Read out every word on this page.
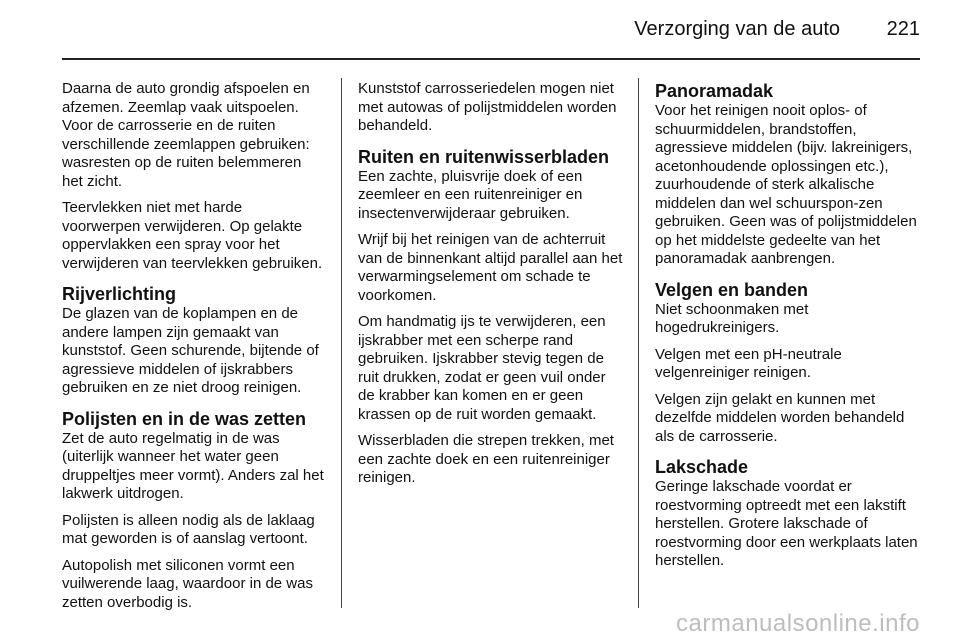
Verzorging van de auto 221

Daarna de auto grondig afspoelen en afzemen. Zeemlap vaak uitspoelen. Voor de carrosserie en de ruiten verschillende zeemlappen gebruiken: wasresten op de ruiten belemmeren het zicht.

Teervlekken niet met harde voorwerpen verwijderen. Op gelakte oppervlakken een spray voor het verwijderen van teervlekken gebruiken.

Rijverlichting

De glazen van de koplampen en de andere lampen zijn gemaakt van kunststof. Geen schurende, bijtende of agressieve middelen of ijskrabbers gebruiken en ze niet droog reinigen.

Polijsten en in de was zetten

Zet de auto regelmatig in de was (uiterlijk wanneer het water geen druppeltjes meer vormt). Anders zal het lakwerk uitdrogen.

Polijsten is alleen nodig als de laklaag mat geworden is of aanslag vertoont.

Autopolish met siliconen vormt een vuilwerende laag, waardoor in de was zetten overbodig is.

Kunststof carrosseriedelen mogen niet met autowas of polijstmiddelen worden behandeld.

Ruiten en ruitenwisserbladen

Een zachte, pluisvrije doek of een zeemleer en een ruitenreiniger en insectenverwijderaar gebruiken.

Wrijf bij het reinigen van de achterruit van de binnenkant altijd parallel aan het verwarmingselement om schade te voorkomen.

Om handmatig ijs te verwijderen, een ijskrabber met een scherpe rand gebruiken. Ijskrabber stevig tegen de ruit drukken, zodat er geen vuil onder de krabber kan komen en er geen krassen op de ruit worden gemaakt.

Wisserbladen die strepen trekken, met een zachte doek en een ruitenreiniger reinigen.

Panoramadak

Voor het reinigen nooit oplos- of schuurmiddelen, brandstoffen, agressieve middelen (bijv. lakreinigers, acetonhoudende oplossingen etc.), zuurhoudende of sterk alkalische middelen dan wel schuurspon-zen gebruiken. Geen was of polijstmiddelen op het middelste gedeelte van het panoramadak aanbrengen.

Velgen en banden

Niet schoonmaken met hogedrukreinigers.

Velgen met een pH-neutrale velgenreiniger reinigen.

Velgen zijn gelakt en kunnen met dezelfde middelen worden behandeld als de carrosserie.

Lakschade

Geringe lakschade voordat er roestvorming optreedt met een lakstift herstellen. Grotere lakschade of roestvorming door een werkplaats laten herstellen.

carmanualsonline.info
